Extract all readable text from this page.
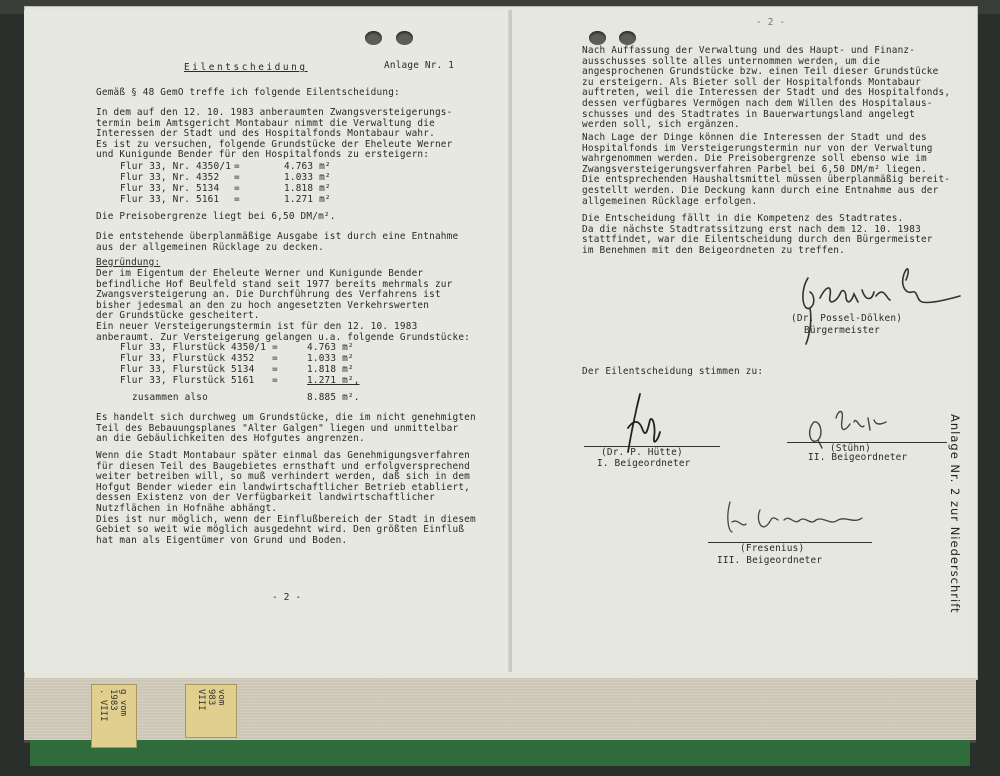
Eilentscheidung	Anlage Nr. 1
Gemäß § 48 GemO treffe ich folgende Eilentscheidung:
In dem auf den 12. 10. 1983 anberaumten Zwangsversteigerungs-
termin beim Amtsgericht Montabaur nimmt die Verwaltung die
Interessen der Stadt und des Hospitalfonds Montabaur wahr.
Es ist zu versuchen, folgende Grundstücke der Eheleute Werner
und Kunigunde Bender für den Hospitalfonds zu ersteigern:
Flur 33, Nr. 4350/1 =	4.763 m²
Flur 33, Nr. 4352 =	1.033 m²
Flur 33, Nr. 5134 =	1.818 m²
Flur 33, Nr. 5161 =	1.271 m²
Die Preisobergrenze liegt bei 6,50 DM/m².
Die entstehende überplanmäßige Ausgabe ist durch eine Entnahme
aus der allgemeinen Rücklage zu decken.
Begründung:
Der im Eigentum der Eheleute Werner und Kunigunde Bender
befindliche Hof Beulfeld stand seit 1977 bereits mehrmals zur
Zwangsversteigerung an. Die Durchführung des Verfahrens ist
bisher jedesmal an den zu hoch angesetzten Verkehrswerten
der Grundstücke gescheitert.
Ein neuer Versteigerungstermin ist für den 12. 10. 1983
anberaumt. Zur Versteigerung gelangen u.a. folgende Grundstücke:
Flur 33, Flurstück 4350/1 =	4.763 m²
Flur 33, Flurstück 4352 =	1.033 m²
Flur 33, Flurstück 5134 =	1.818 m²
Flur 33, Flurstück 5161 =	1.271 m²,
zusammen also	8.885 m².
Es handelt sich durchweg um Grundstücke, die im nicht genehmigten
Teil des Bebauungsplanes "Alter Galgen" liegen und unmittelbar
an die Gebäulichkeiten des Hofgutes angrenzen.
Wenn die Stadt Montabaur später einmal das Genehmigungsverfahren
für diesen Teil des Baugebietes ernsthaft und erfolgversprechend
weiter betreiben will, so muß verhindert werden, daß sich in dem
Hofgut Bender wieder ein landwirtschaftlicher Betrieb etabliert,
dessen Existenz von der Verfügbarkeit landwirtschaftlicher
Nutzflächen in Hofnähe abhängt.
Dies ist nur möglich, wenn der Einflußbereich der Stadt in diesem
Gebiet so weit wie möglich ausgedehnt wird. Den größten Einfluß
hat man als Eigentümer von Grund und Boden.
- 2 -
- 2 -
Nach Auffassung der Verwaltung und des Haupt- und Finanz-
ausschusses sollte alles unternommen werden, um die
angesprochenen Grundstücke bzw. einen Teil dieser Grundstücke
zu ersteigern. Als Bieter soll der Hospitalfonds Montabaur
auftreten, weil die Interessen der Stadt und des Hospitalfonds,
dessen verfügbares Vermögen nach dem Willen des Hospitalaus-
schusses und des Stadtrates in Bauerwartungsland angelegt
werden soll, sich ergänzen.
Nach Lage der Dinge können die Interessen der Stadt und des
Hospitalfonds im Versteigerungstermin nur von der Verwaltung
wahrgenommen werden. Die Preisobergrenze soll ebenso wie im
Zwangsversteigerungsverfahren Parbel bei 6,50 DM/m² liegen.
Die entsprechenden Haushaltsmittel müssen überplanmäßig bereit-
gestellt werden. Die Deckung kann durch eine Entnahme aus der
allgemeinen Rücklage erfolgen.
Die Entscheidung fällt in die Kompetenz des Stadtrates.
Da die nächste Stadtratssitzung erst nach dem 12. 10. 1983
stattfindet, war die Eilentscheidung durch den Bürgermeister
im Benehmen mit den Beigeordneten zu treffen.
(Dr. Possel-Dölken)
Bürgermeister
Der Eilentscheidung stimmen zu:
(Dr. P. Hütte)
I. Beigeordneter
(Stühn)
II. Beigeordneter
(Fresenius)
III. Beigeordneter	Anlage Nr. 2 zur Niederschrift
g vom
1983
. VIII
vom
983
VIII
